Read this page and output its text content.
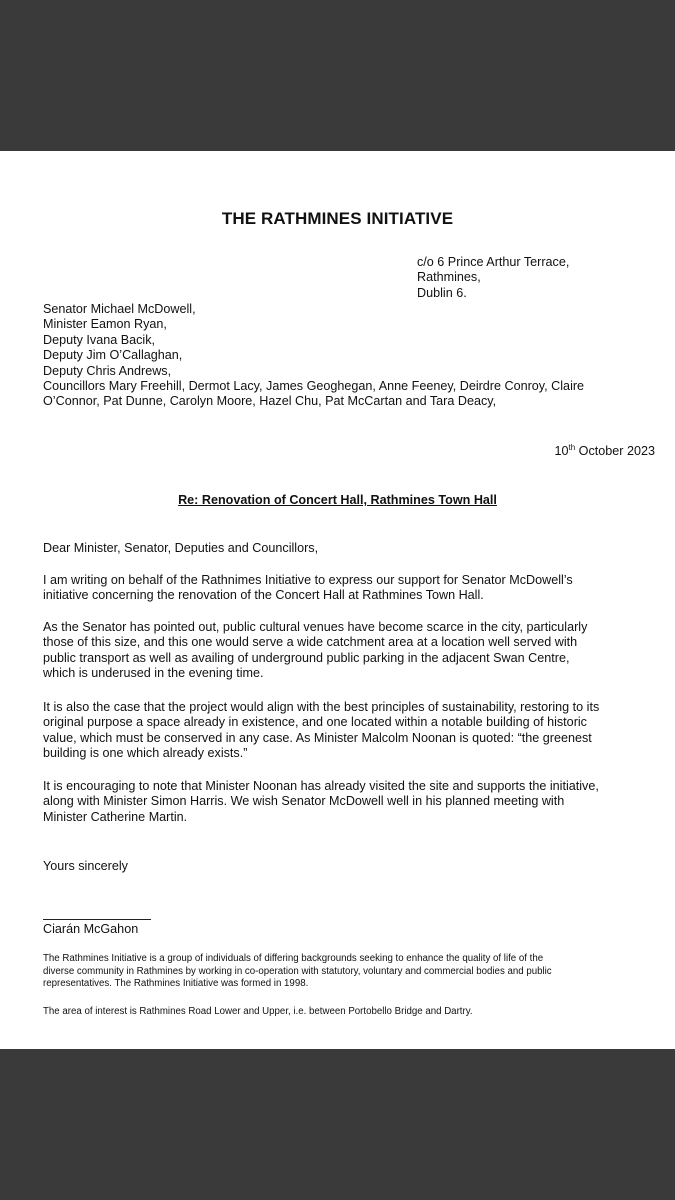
THE RATHMINES INITIATIVE
c/o 6 Prince Arthur Terrace,
Rathmines,
Dublin 6.
Senator Michael McDowell,
Minister Eamon Ryan,
Deputy Ivana Bacik,
Deputy Jim O’Callaghan,
Deputy Chris Andrews,
Councillors Mary Freehill, Dermot Lacy, James Geoghegan, Anne Feeney, Deirdre Conroy, Claire
O’Connor, Pat Dunne, Carolyn Moore, Hazel Chu, Pat McCartan and Tara Deacy,
10th October 2023
Re: Renovation of Concert Hall, Rathmines Town Hall
Dear Minister, Senator, Deputies and Councillors,
I am writing on behalf of the Rathnimes Initiative to express our support for Senator McDowell’s
initiative concerning the renovation of the Concert Hall at Rathmines Town Hall.
As the Senator has pointed out, public cultural venues have become scarce in the city, particularly
those of this size, and this one would serve a wide catchment area at a location well served with
public transport as well as availing of underground public parking in the adjacent Swan Centre,
which is underused in the evening time.
It is also the case that the project would align with the best principles of sustainability, restoring to its
original purpose a space already in existence, and one located within a notable building of historic
value, which must be conserved in any case. As Minister Malcolm Noonan is quoted: “the greenest
building is one which already exists.”
It is encouraging to note that Minister Noonan has already visited the site and supports the initiative,
along with Minister Simon Harris. We wish Senator McDowell well in his planned meeting with
Minister Catherine Martin.
Yours sincerely
Ciarán McGahon
The Rathmines Initiative is a group of individuals of differing backgrounds seeking to enhance the quality of life of the
diverse community in Rathmines by working in co-operation with statutory, voluntary and commercial bodies and public
representatives. The Rathmines Initiative was formed in 1998.
The area of interest is Rathmines Road Lower and Upper, i.e. between Portobello Bridge and Dartry.
